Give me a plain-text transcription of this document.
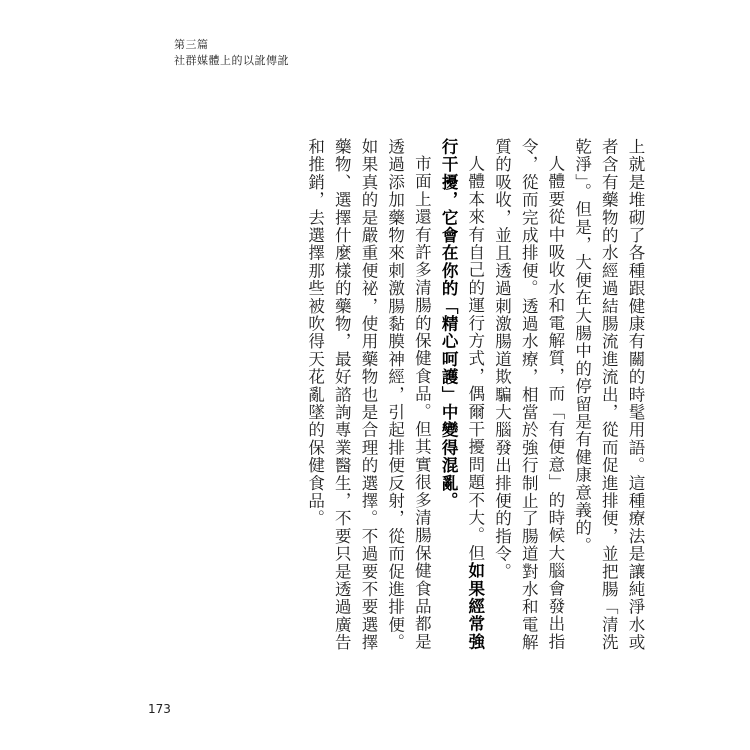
第三篇
社群媒體上的以訛傳訛

上就是堆砌了各種跟健康有關的時髦用語。這種療法是讓純淨水或者含有藥物的水經過結腸流進流出，從而促進排便，並把腸「清洗乾淨」。但是，大便在大腸中的停留是有健康意義的。

人體要從中吸收水和電解質，而「有便意」的時候大腦會發出指令，從而完成排便。透過水療，相當於強行制止了腸道對水和電解質的吸收，並且透過刺激腸道欺騙大腦發出排便的指令。

人體本來有自己的運行方式，偶爾干擾問題不大。但如果經常強行干擾，它會在你的「精心呵護」中變得混亂。

市面上還有許多清腸的保健食品。但其實很多清腸保健食品都是透過添加藥物來刺激腸黏膜神經，引起排便反射，從而促進排便。如果真的是嚴重便祕，使用藥物也是合理的選擇。不過要不要選擇藥物、選擇什麼樣的藥物，最好諮詢專業醫生，不要只是透過廣告和推銷，去選擇那些被吹得天花亂墜的保健食品。

173
